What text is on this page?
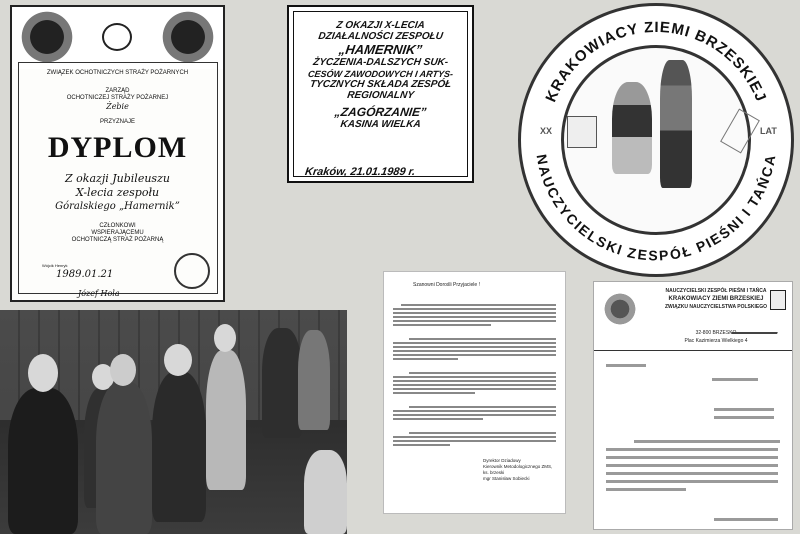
ZWIĄZEK OCHOTNICZYCH STRAŻY POŻARNYCH
ZARZĄD
OCHOTNICZEJ STRAŻY POŻARNEJ
Żebie
PRZYZNAJE
DYPLOM
Z okazji Jubileuszu
X-lecia zespołu
Góralskiego „Hamernik”
CZŁONKOWI
WSPIERAJĄCEMU
OCHOTNICZĄ STRAŻ POŻARNĄ
1989.01.21
Wójcik Henryk
Józef Hola
Z OKAZJI X-LECIA
DZIAŁALNOŚCI ZESPOŁU
„HAMERNIK”
ŻYCZENIA-DALSZYCH SUK-
CESÓW ZAWODOWYCH I ARTYS-
TYCZNYCH SKŁADA ZESPÓŁ
REGIONALNY
„ZAGÓRZANIE”
KASINA WIELKA
Kraków, 21.01.1989 r.
KRAKOWIACY ZIEMI BRZESKIEJ
NAUCZYCIELSKI ZESPÓŁ PIEŚNI I TAŃCA
XX	LAT
Szanowni Dorośli Przyjaciele !
Dyrektor Dziadowy
Kierownik Metodologicznego ZMS, ks. brzeski
mgr Stanisław Sobiecki
NAUCZYCIELSKI ZESPÓŁ PIEŚNI I TAŃCA
KRAKOWIACY ZIEMI BRZESKIEJ
ZWIĄZKU NAUCZYCIELSTWA POLSKIEGO
32-800 BRZESKO
Plac Kazimierza Wielkiego 4
